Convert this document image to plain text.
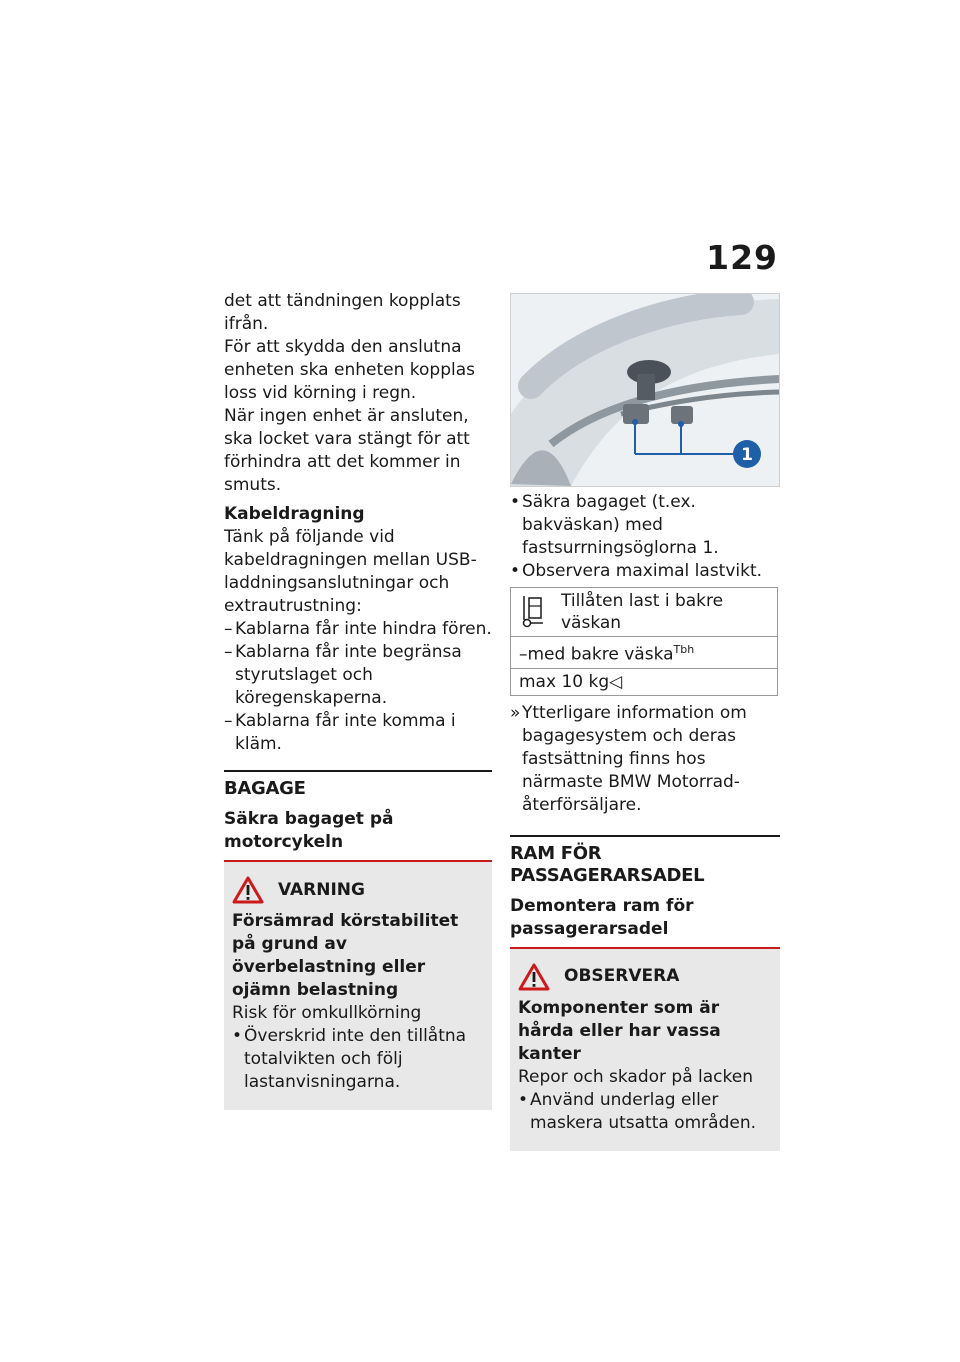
129

det att tändningen kopplats ifrån.

För att skydda den anslutna enheten ska enheten kopplas loss vid körning i regn.

När ingen enhet är ansluten, ska locket vara stängt för att förhindra att det kommer in smuts.

Kabeldragning

Tänk på följande vid kabeldragningen mellan USB-laddningsanslutningar och extrautrustning:

– Kablarna får inte hindra fören.
– Kablarna får inte begränsa styrutslaget och köregenskaperna.
– Kablarna får inte komma i kläm.
BAGAGE
Säkra bagaget på motorcykeln
VARNING
Försämrad körstabilitet på grund av överbelastning eller ojämn belastning
Risk för omkullkörning
• Överskrid inte den tillåtna totalvikten och följ lastanvisningarna.
1
• Säkra bagaget (t.ex. bakväskan) med fastsurrningsöglorna 1.
• Observera maximal lastvikt.
Tillåten last i bakre väskan
–med bakre väska$^{Tbh}$
max 10 kg◁
» Ytterligare information om bagagesystem och deras fastsättning finns hos närmaste BMW Motorrad-återförsäljare.
RAM FÖR PASSAGERARSADEL
Demontera ram för passagerarsadel
OBSERVERA
Komponenter som är hårda eller har vassa kanter
Repor och skador på lacken
• Använd underlag eller maskera utsatta områden.
